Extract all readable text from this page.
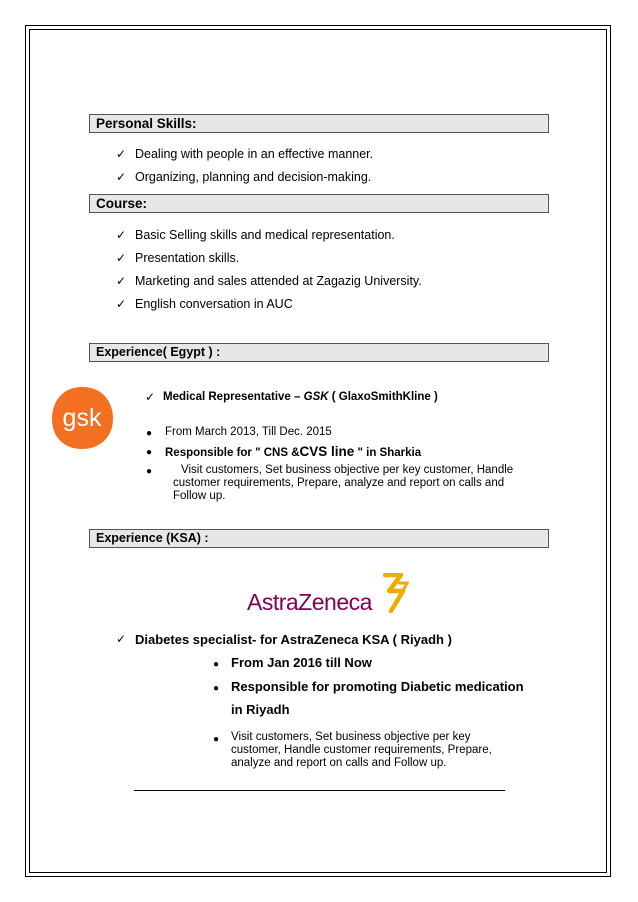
Personal Skills:
✓ Dealing with people in an effective manner.
✓ Organizing, planning and decision-making.
Course:
✓ Basic Selling skills and medical representation.
✓ Presentation skills.
✓ Marketing and sales attended at Zagazig University.
✓ English conversation in AUC
Experience( Egypt ) :
gsk
✓ Medical Representative – GSK ( GlaxoSmithKline )
● From March 2013, Till Dec. 2015
● Responsible for " CNS &CVS line " in Sharkia
●	Visit customers, Set business objective per key customer, Handle customer requirements, Prepare, analyze and report on calls and Follow up.
Experience (KSA) :
AstraZeneca
✓ Diabetes specialist- for AstraZeneca KSA ( Riyadh )
● From Jan 2016 till Now
● Responsible for promoting Diabetic medication
in Riyadh
● Visit customers, Set business objective per key customer, Handle customer requirements, Prepare, analyze and report on calls and Follow up.
